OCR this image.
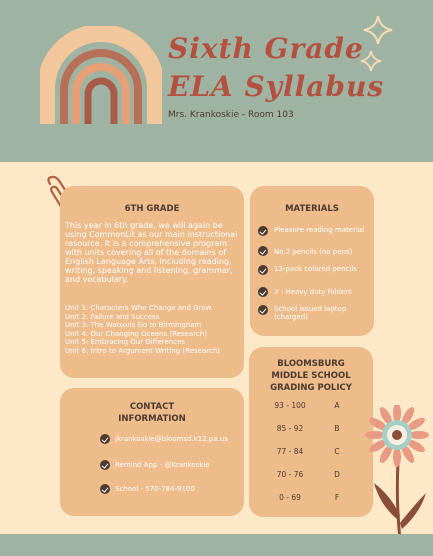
Sixth Grade
ELA Syllabus
Mrs. Krankoskie - Room 103
6TH GRADE
This year in 6th grade, we will again be using CommonLit as our main instructional resource. It is a comprehensive program with units covering all of the domains of English Language Arts, including reading, writing, speaking and listening, grammar, and vocabulary.
Unit 1: Characters Who Change and Grow
Unit 2: Failure and Success
Unit 3: The Watsons Go to Birmingham
Unit 4: Our Changing Oceans (Research)
Unit 5: Embracing Our Differences
Unit 6: Intro to Argument Writing (Research)
MATERIALS
Pleasure reading material
No.2 pencils (no pens)
12-pack colored pencils
2 - Heavy duty folders
School issued laptop (charged)
CONTACT
INFORMATION
jkrankoskie@bloomsd.k12.pa.us
Remind App - @Krankoskie
School - 570-784-9100
BLOOMSBURG
MIDDLE SCHOOL
GRADING POLICY
93 - 100	A
85 - 92	B
77 - 84	C
70 - 76	D
0 - 69	F
